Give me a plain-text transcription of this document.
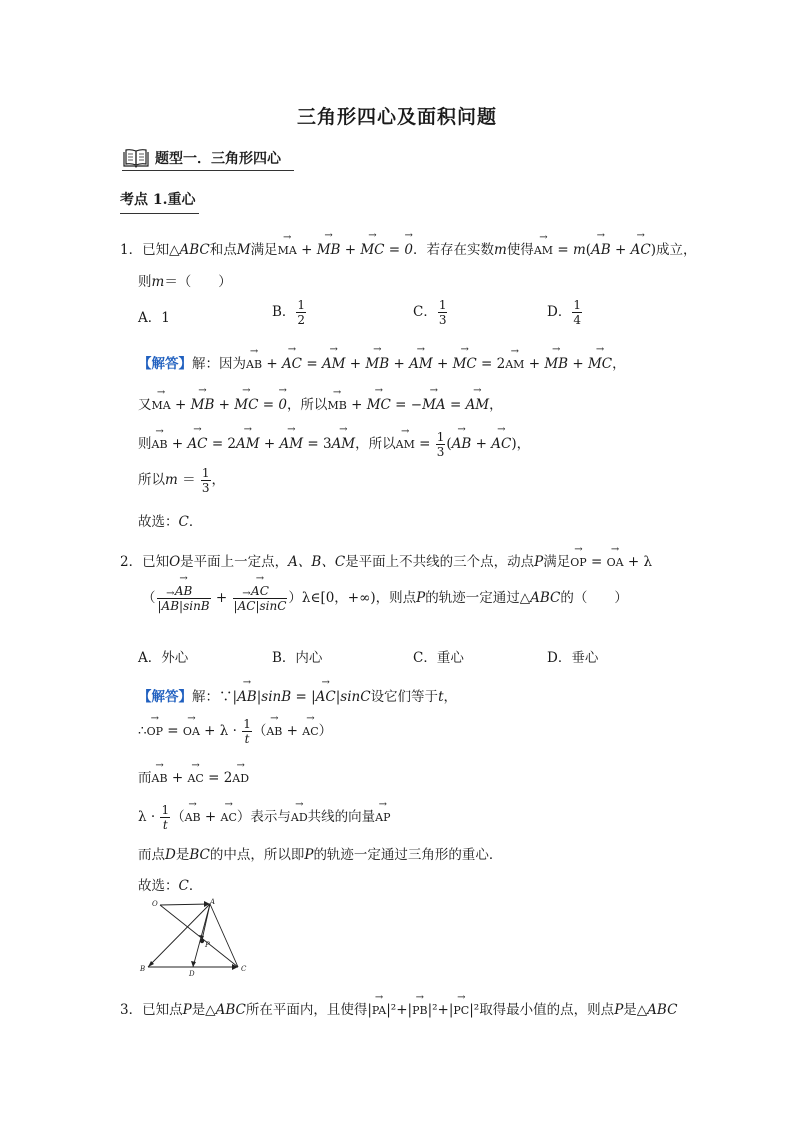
三角形四心及面积问题
题型一．三角形四心
考点 1.重心
1．已知△ABC和点M满足→ MA + → MB + → MC = → 0．若存在实数m使得→ AM = m(→ AB + → AC)成立，
则m＝（　　）
A．1	B． $\frac{1}{2}$	C． $\frac{1}{3}$	D． $\frac{1}{4}$
【解答】解：因为→ AB + → AC = → AM + → MB + → AM + → MC = 2→ AM + → MB + → MC，
又→ MA + → MB + → MC = → 0，所以→ MB + → MC = −→ MA = → AM，
则→ AB + → AC = 2→ AM + → AM = 3→ AM，所以→ AM = $\frac{1}{3}$ (→ AB + → AC)，
所以$m = \frac{1}{3}$ ，
故选：C．
2．已知O是平面上一定点，A、B、C是平面上不共线的三个点，动点P满足→ OP = → OA + λ
（ → $\frac{AB}{|\to AB|\sin B}$ + → $\frac{AC}{|\to AC|\sin C}$ ）λ∈[0，+∞)，则点P的轨迹一定通过△ABC的（　　）
A．外心	B．内心	C．重心	D．垂心
【解答】解：∵|→ AB|sinB = |→ AC|sinC设它们等于t，
∴→ OP = → OA + $\lambda \cdot \frac{1}{t}$ （→ AB + → AC）
而→ AB + → AC = 2→ AD
$\lambda \cdot \frac{1}{t}$ （→ AB + → AC）表示与→ AD共线的向量→ AP
而点D是BC的中点，所以即P的轨迹一定通过三角形的重心．
故选：C．
O	A
P
B
D
C
3．已知点P是△ABC所在平面内，且使得|→ PA|²+|→ PB|²+|→ PC|²取得最小值的点，则点P是△ABC
